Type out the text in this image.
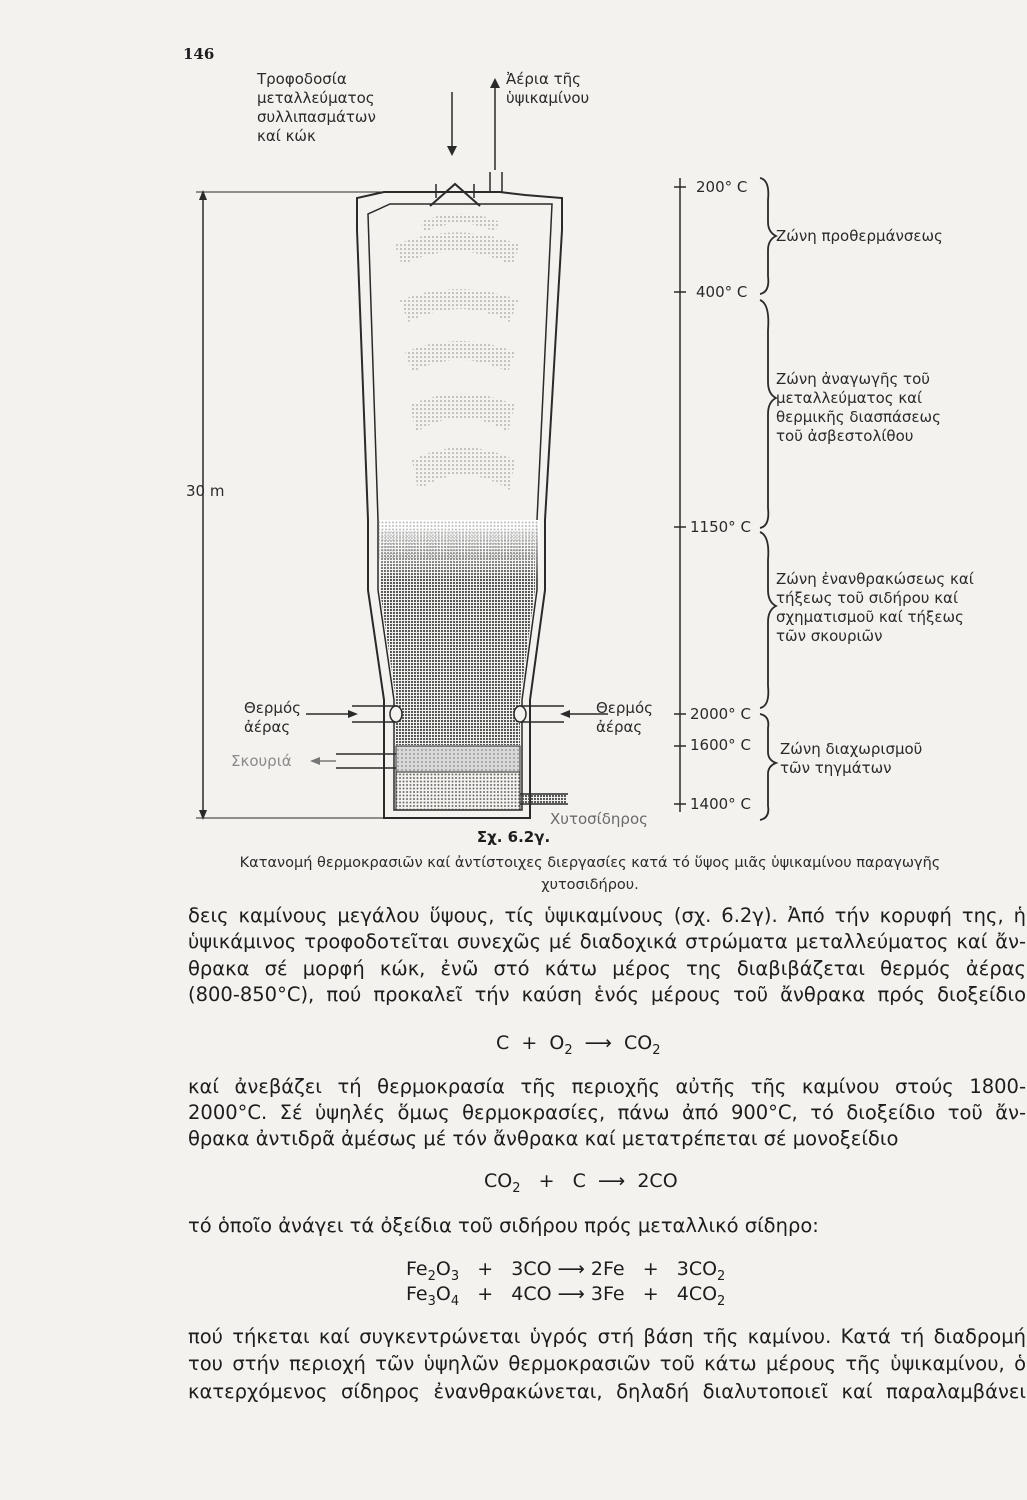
146
Τροφοδοσία
μεταλλεύματος
συλλιπασμάτων
καί κώκ
Ἀέρια τῆς
ὑψικαμίνου
30 m
Θερμός
ἀέρας
Θερμός
ἀέρας
Σκουριά
Χυτοσίδηρος
200° C
400° C
1150° C
2000° C
1600° C
1400° C
Ζώνη προθερμάνσεως
Ζώνη ἀναγωγῆς τοῦ
μεταλλεύματος καί
θερμικῆς διασπάσεως
τοῦ ἀσβεστολίθου
Ζώνη ἐνανθρακώσεως καί
τήξεως τοῦ σιδήρου καί
σχηματισμοῦ καί τήξεως
τῶν σκουριῶν
Ζώνη διαχωρισμοῦ
τῶν τηγμάτων
Σχ. 6.2γ.
Κατανομή θερμοκρασιῶν καί ἀντίστοιχες διεργασίες κατά τό ὕψος μιᾶς ὑψικαμίνου παραγωγῆς χυτοσιδήρου.
δεις καμίνους μεγάλου ὕψους, τίς ὑψικαμίνους (σχ. 6.2γ). Ἀπό τήν κορυφή της, ἡ
ὑψικάμινος τροφοδοτεῖται συνεχῶς μέ διαδοχικά στρώματα μεταλλεύματος καί ἄν-
θρακα σέ μορφή κώκ, ἐνῶ στό κάτω μέρος της διαβιβάζεται θερμός ἀέρας
(800-850°C), πού προκαλεῖ τήν καύση ἑνός μέρους τοῦ ἄνθρακα πρός διοξείδιο
$C + O_2$  ⟶  $CO_2$
καί ἀνεβάζει τή θερμοκρασία τῆς περιοχῆς αὐτῆς τῆς καμίνου στούς 1800-
2000°C. Σέ ὑψηλές ὅμως θερμοκρασίες, πάνω ἀπό 900°C, τό διοξείδιο τοῦ ἄν-
θρακα ἀντιδρᾶ ἀμέσως μέ τόν ἄνθρακα καί μετατρέπεται σέ μονοξείδιο
$CO_2 + C$  ⟶  2CO
τό ὁποῖο ἀνάγει τά ὀξείδια τοῦ σιδήρου πρός μεταλλικό σίδηρο:
$Fe_2O_3 + 3CO$ ⟶ $2Fe + 3CO_2$
$Fe_3O_4 + 4CO$ ⟶ $3Fe + 4CO_2$
πού τήκεται καί συγκεντρώνεται ὑγρός στή βάση τῆς καμίνου. Κατά τή διαδρομή
του στήν περιοχή τῶν ὑψηλῶν θερμοκρασιῶν τοῦ κάτω μέρους τῆς ὑψικαμίνου, ὁ
κατερχόμενος σίδηρος ἐνανθρακώνεται, δηλαδή διαλυτοποιεῖ καί παραλαμβάνει
